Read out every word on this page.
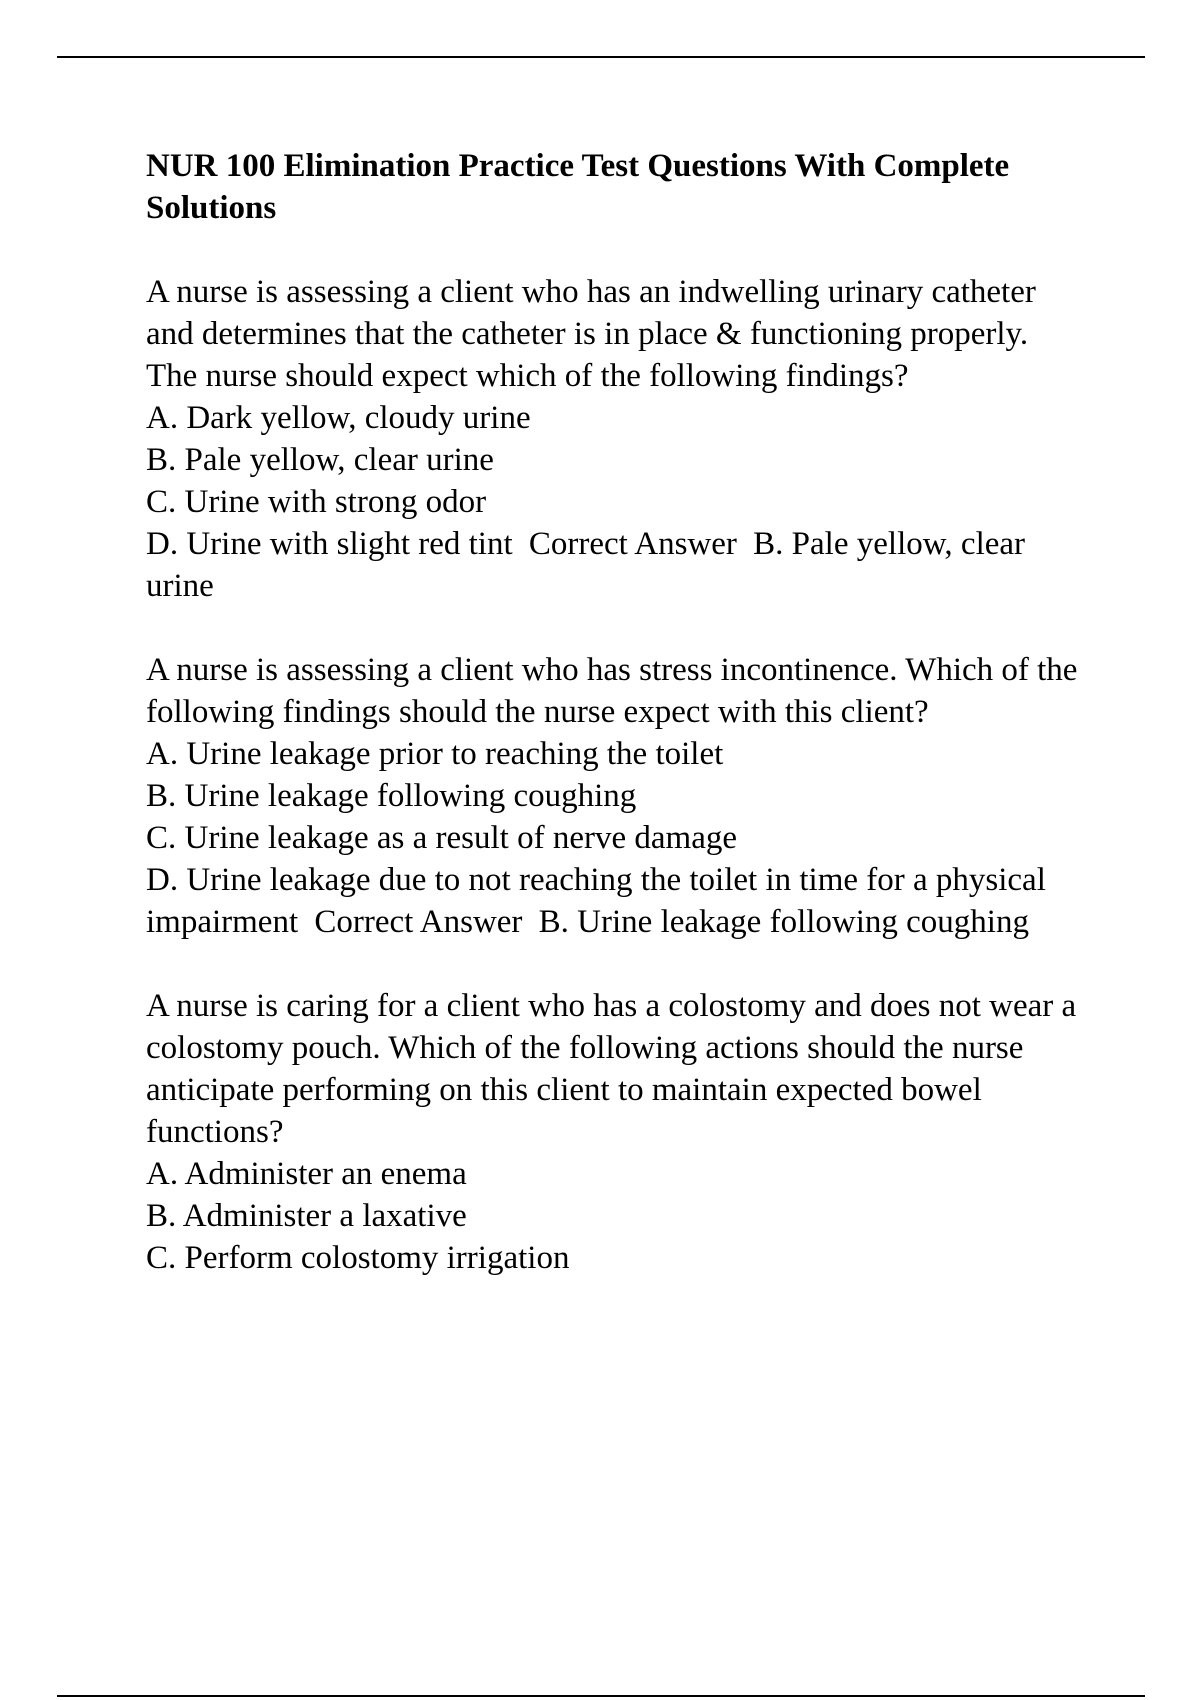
NUR 100 Elimination Practice Test Questions With Complete Solutions

A nurse is assessing a client who has an indwelling urinary catheter and determines that the catheter is in place & functioning properly. The nurse should expect which of the following findings?

A. Dark yellow, cloudy urine

B. Pale yellow, clear urine

C. Urine with strong odor

D. Urine with slight red tint Correct Answer B. Pale yellow, clear urine

A nurse is assessing a client who has stress incontinence. Which of the following findings should the nurse expect with this client?

A. Urine leakage prior to reaching the toilet

B. Urine leakage following coughing

C. Urine leakage as a result of nerve damage

D. Urine leakage due to not reaching the toilet in time for a physical impairment Correct Answer B. Urine leakage following coughing

A nurse is caring for a client who has a colostomy and does not wear a colostomy pouch. Which of the following actions should the nurse anticipate performing on this client to maintain expected bowel functions?

A. Administer an enema

B. Administer a laxative

C. Perform colostomy irrigation
